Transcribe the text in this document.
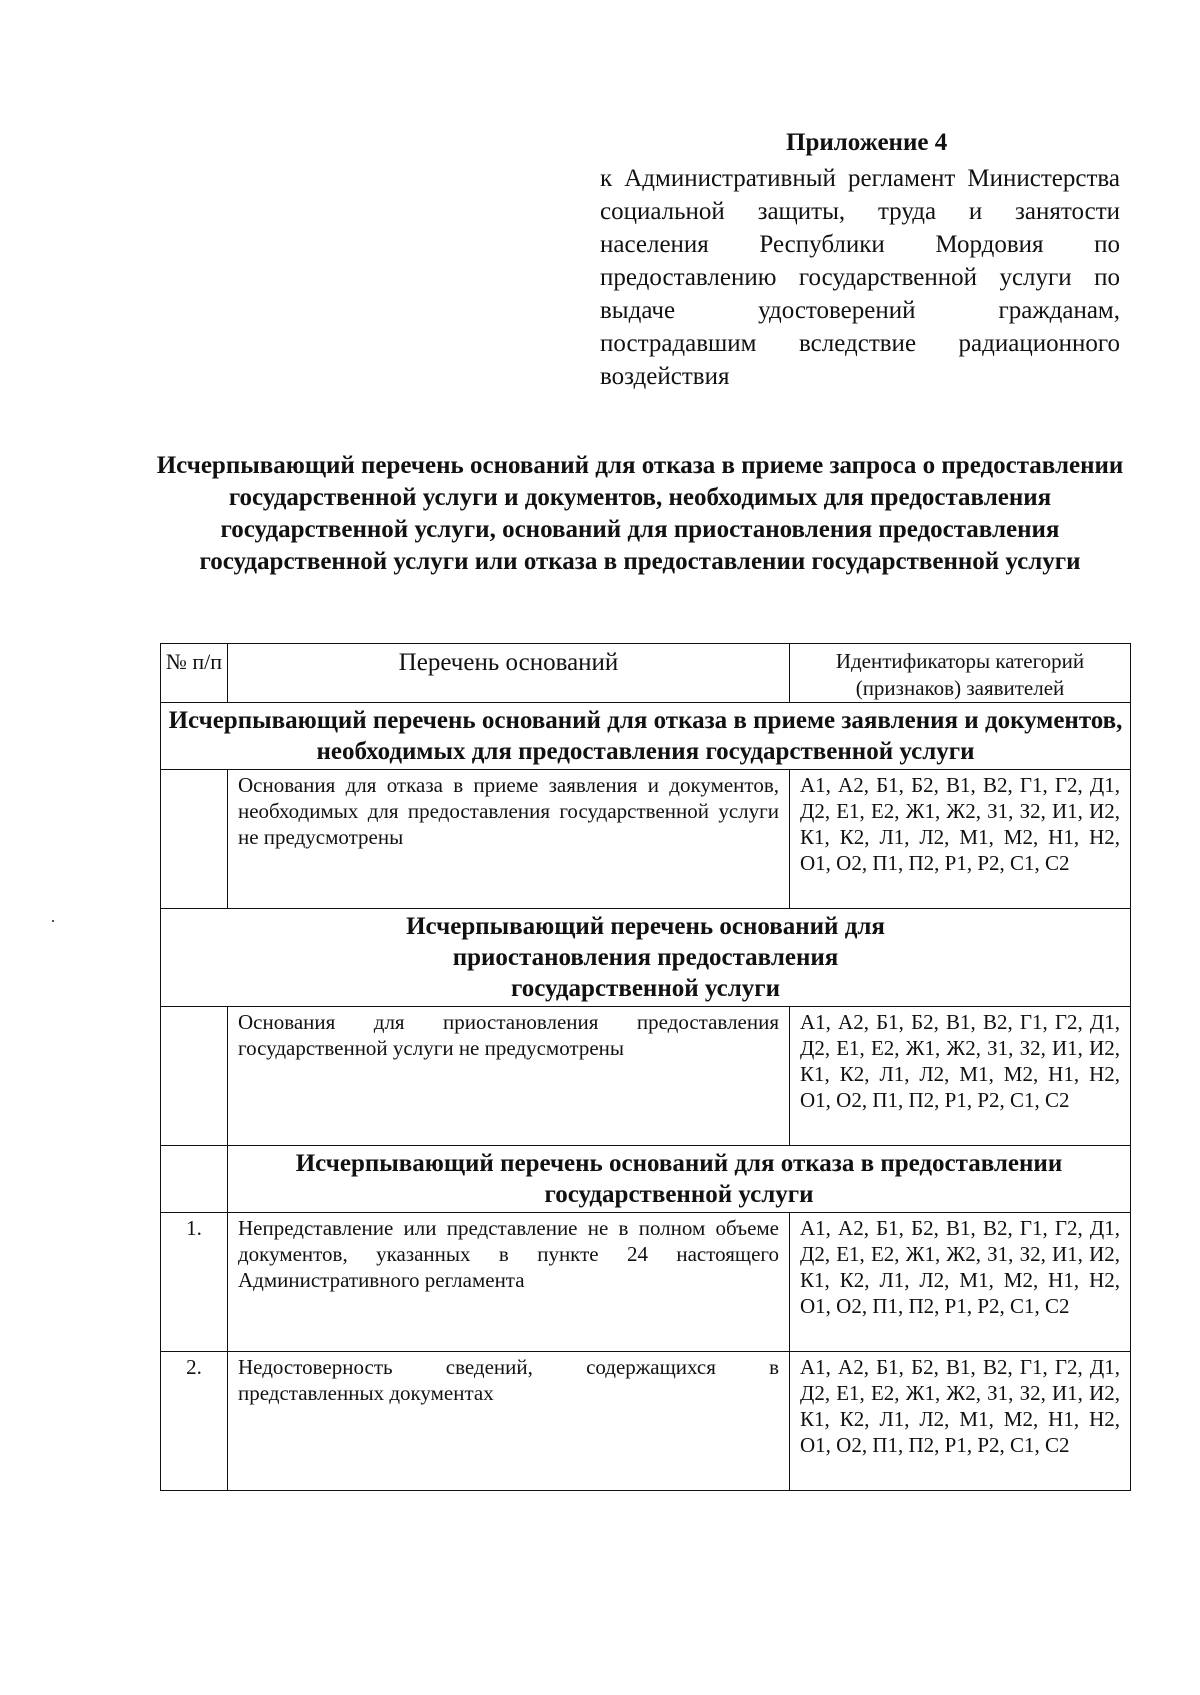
Приложение 4
к Административный регламент Министерства социальной защиты, труда и занятости населения Республики Мордовия по предоставлению государственной услуги по выдаче удостоверений гражданам, пострадавшим вследствие радиационного воздействия
Исчерпывающий перечень оснований для отказа в приеме запроса о предоставлении государственной услуги и документов, необходимых для предоставления государственной услуги, оснований для приостановления предоставления государственной услуги или отказа в предоставлении государственной услуги
№ п/п	Перечень оснований	Идентификаторы категорий (признаков) заявителей
Исчерпывающий перечень оснований для отказа в приеме заявления и документов, необходимых для предоставления государственной услуги		
	Основания для отказа в приеме заявления и документов, необходимых для предоставления государственной услуги не предусмотрены	А1, А2, Б1, Б2, В1, В2, Г1, Г2, Д1, Д2, Е1, Е2, Ж1, Ж2, З1, З2, И1, И2, К1, К2, Л1, Л2, М1, М2, Н1, Н2, О1, О2, П1, П2, Р1, Р2, С1, С2

Исчерпывающий перечень оснований для приостановления предоставления государственной услуги		

	Основания для приостановления предоставления государственной услуги не предусмотрены	А1, А2, Б1, Б2, В1, В2, Г1, Г2, Д1, Д2, Е1, Е2, Ж1, Ж2, З1, З2, И1, И2, К1, К2, Л1, Л2, М1, М2, Н1, Н2, О1, О2, П1, П2, Р1, Р2, С1, С2
	Исчерпывающий перечень оснований для отказа в предоставлении государственной услуги	
1.	Непредставление или представление не в полном объеме документов, указанных в пункте 24 настоящего Административного регламента	А1, А2, Б1, Б2, В1, В2, Г1, Г2, Д1, Д2, Е1, Е2, Ж1, Ж2, З1, З2, И1, И2, К1, К2, Л1, Л2, М1, М2, Н1, Н2, О1, О2, П1, П2, Р1, Р2, С1, С2
2.	Недостоверность сведений, содержащихся в представленных документах	А1, А2, Б1, Б2, В1, В2, Г1, Г2, Д1, Д2, Е1, Е2, Ж1, Ж2, З1, З2, И1, И2, К1, К2, Л1, Л2, М1, М2, Н1, Н2, О1, О2, П1, П2, Р1, Р2, С1, С2
